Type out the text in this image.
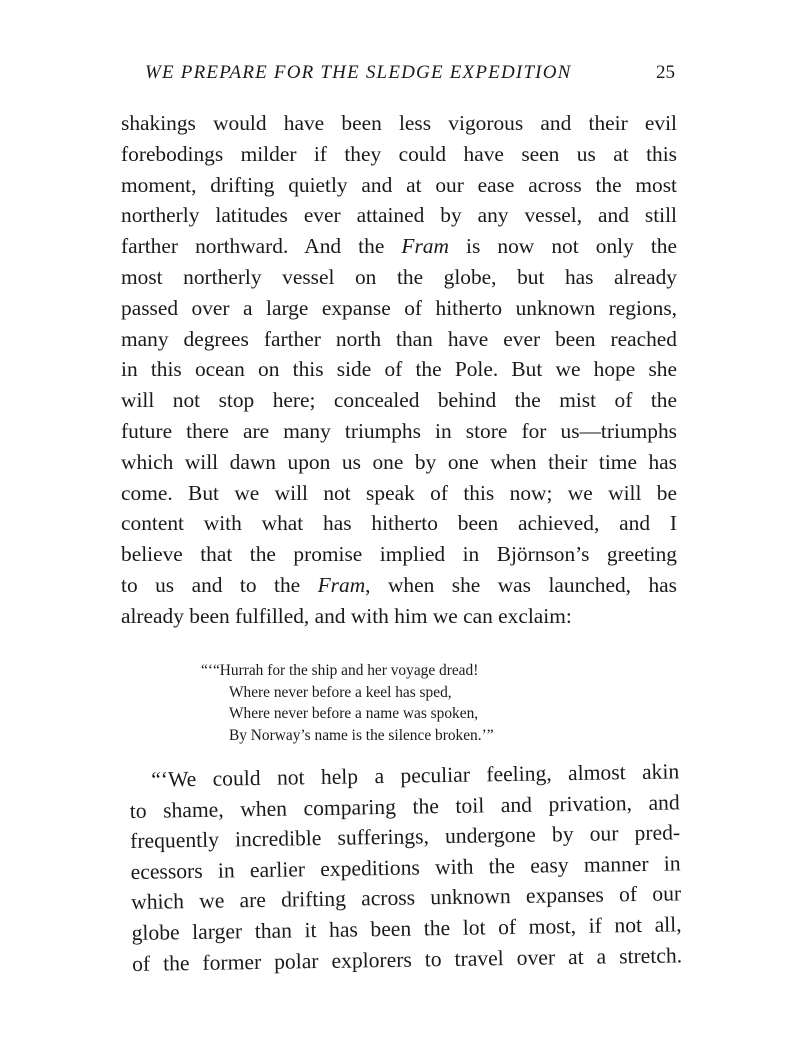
WE PREPARE FOR THE SLEDGE EXPEDITION	25
shakings would have been less vigorous and their evil
forebodings milder if they could have seen us at this
moment, drifting quietly and at our ease across the most
northerly latitudes ever attained by any vessel, and still
farther northward. And the Fram is now not only the
most northerly vessel on the globe, but has already
passed over a large expanse of hitherto unknown regions,
many degrees farther north than have ever been reached
in this ocean on this side of the Pole. But we hope she
will not stop here; concealed behind the mist of the
future there are many triumphs in store for us—triumphs
which will dawn upon us one by one when their time has
come. But we will not speak of this now; we will be
content with what has hitherto been achieved, and I
believe that the promise implied in Björnson’s greeting
to us and to the Fram, when she was launched, has
already been fulfilled, and with him we can exclaim:
“‘“Hurrah for the ship and her voyage dread!
Where never before a keel has sped,
Where never before a name was spoken,
By Norway’s name is the silence broken.’”
“‘We could not help a peculiar feeling, almost akin
to shame, when comparing the toil and privation, and
frequently incredible sufferings, undergone by our pred-
ecessors in earlier expeditions with the easy manner in
which we are drifting across unknown expanses of our
globe larger than it has been the lot of most, if not all,
of the former polar explorers to travel over at a stretch.
